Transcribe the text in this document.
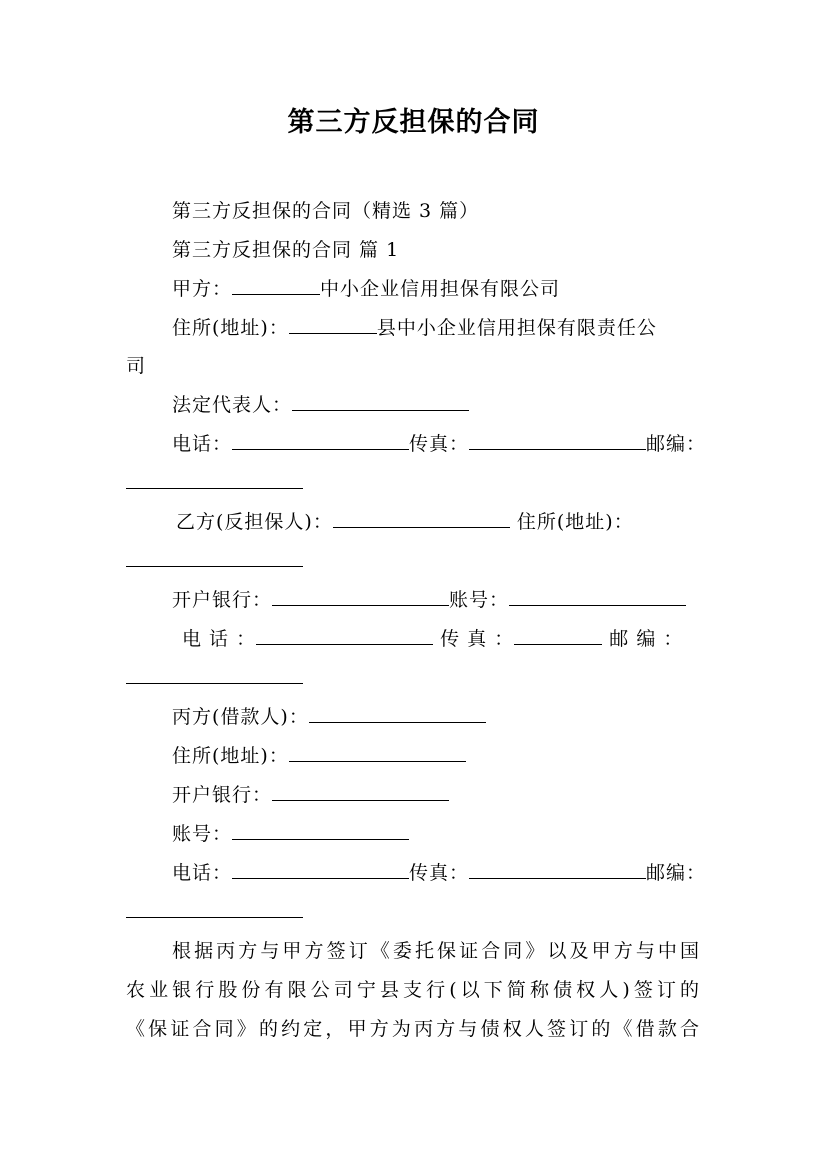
第三方反担保的合同
第三方反担保的合同（精选 3 篇）
第三方反担保的合同 篇 1
甲方：	中小企业信用担保有限公司
住所(地址)：	县中小企业信用担保有限责任公
司
法定代表人：
电话：	传真：	邮编：
乙方(反担保人)：	住所(地址)：
开户银行：	账号：
电 话 ：	传 真 ：	邮 编 ：
丙方(借款人)：
住所(地址)：
开户银行：
账号：
电话：	传真：	邮编：
根据丙方与甲方签订《委托保证合同》以及甲方与中国
农业银行股份有限公司宁县支行(以下简称债权人)签订的
《保证合同》的约定，甲方为丙方与债权人签订的《借款合
